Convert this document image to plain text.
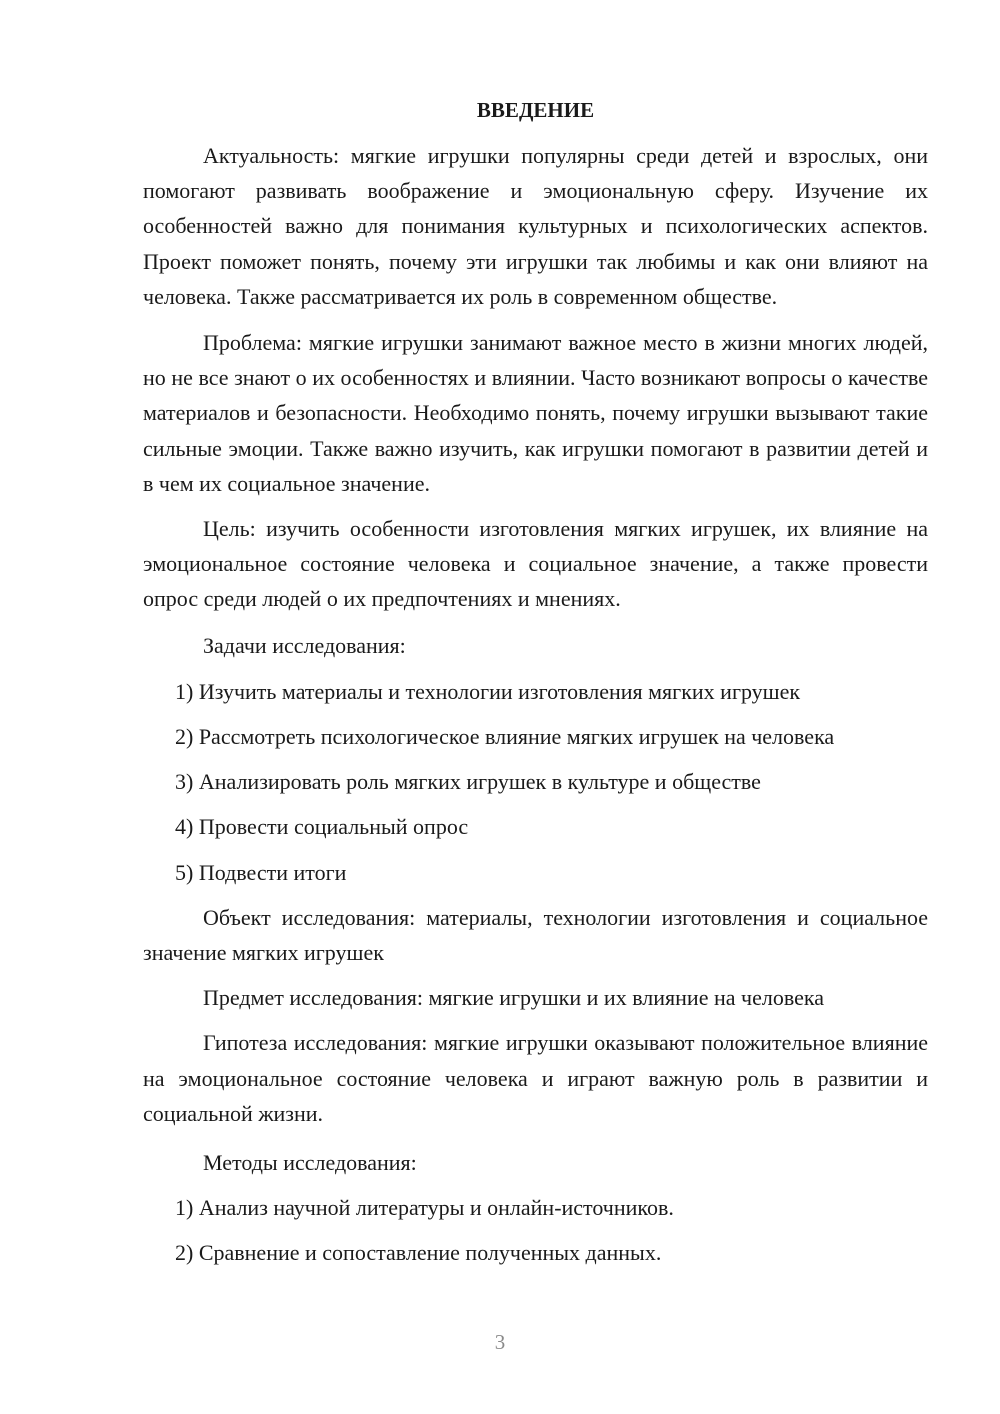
ВВЕДЕНИЕ

Актуальность: мягкие игрушки популярны среди детей и взрослых, они помогают развивать воображение и эмоциональную сферу. Изучение их особенностей важно для понимания культурных и психологических аспектов. Проект поможет понять, почему эти игрушки так любимы и как они влияют на человека. Также рассматривается их роль в современном обществе.

Проблема: мягкие игрушки занимают важное место в жизни многих людей, но не все знают о их особенностях и влиянии. Часто возникают вопросы о качестве материалов и безопасности. Необходимо понять, почему игрушки вызывают такие сильные эмоции. Также важно изучить, как игрушки помогают в развитии детей и в чем их социальное значение.

Цель: изучить особенности изготовления мягких игрушек, их влияние на эмоциональное состояние человека и социальное значение, а также провести опрос среди людей о их предпочтениях и мнениях.

Задачи исследования:

1) Изучить материалы и технологии изготовления мягких игрушек

2) Рассмотреть психологическое влияние мягких игрушек на человека

3) Анализировать роль мягких игрушек в культуре и обществе

4) Провести социальный опрос

5) Подвести итоги

Объект исследования: материалы, технологии изготовления и социальное значение мягких игрушек

Предмет исследования: мягкие игрушки и их влияние на человека

Гипотеза исследования: мягкие игрушки оказывают положительное влияние на эмоциональное состояние человека и играют важную роль в развитии и социальной жизни.

Методы исследования:

1) Анализ научной литературы и онлайн-источников.

2) Сравнение и сопоставление полученных данных.

3
